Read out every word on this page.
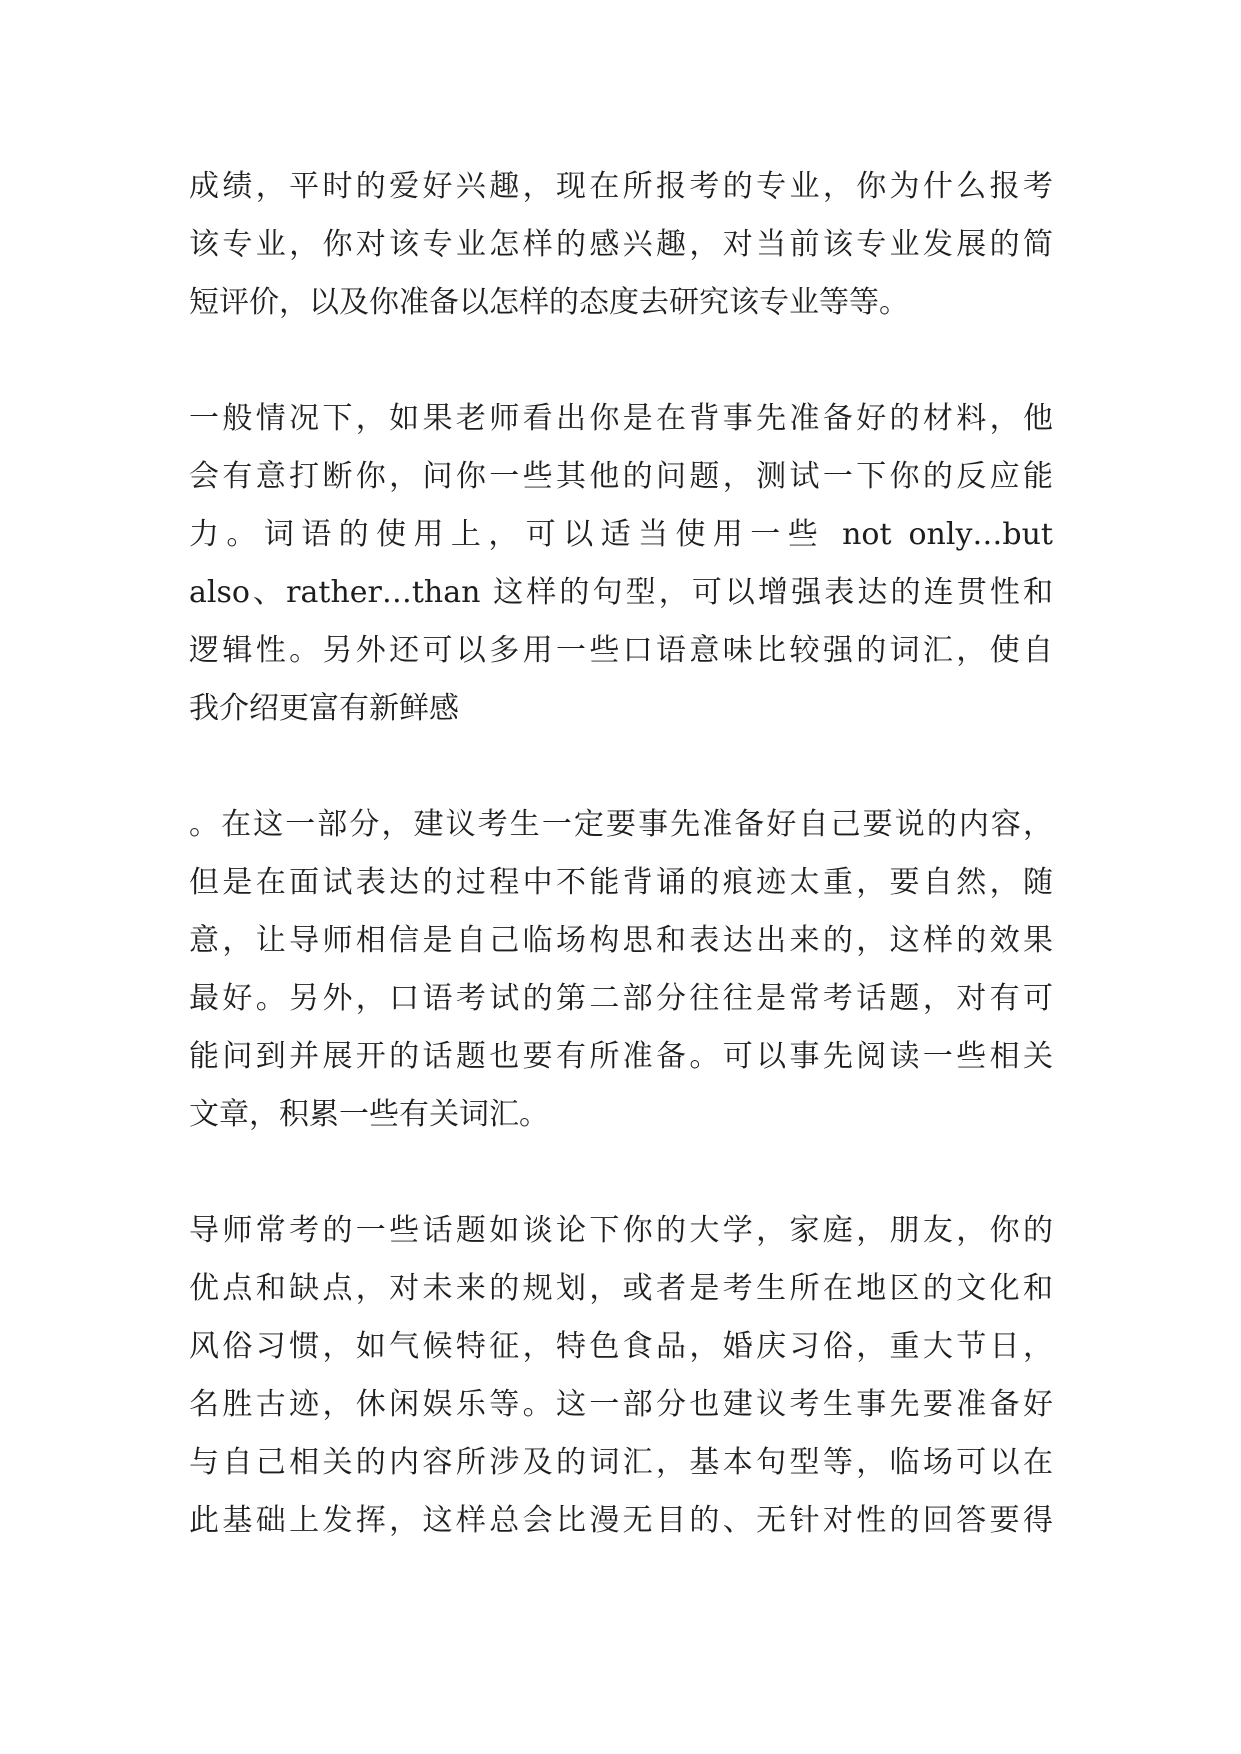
成绩，平时的爱好兴趣，现在所报考的专业，你为什么报考
该专业，你对该专业怎样的感兴趣，对当前该专业发展的简
短评价，以及你准备以怎样的态度去研究该专业等等。
一般情况下，如果老师看出你是在背事先准备好的材料，他
会有意打断你，问你一些其他的问题，测试一下你的反应能
力。词语的使用上，可以适当使用一些 not only…but
also、rather…than 这样的句型，可以增强表达的连贯性和
逻辑性。另外还可以多用一些口语意味比较强的词汇，使自
我介绍更富有新鲜感
。在这一部分，建议考生一定要事先准备好自己要说的内容，
但是在面试表达的过程中不能背诵的痕迹太重，要自然，随
意，让导师相信是自己临场构思和表达出来的，这样的效果
最好。另外，口语考试的第二部分往往是常考话题，对有可
能问到并展开的话题也要有所准备。可以事先阅读一些相关
文章，积累一些有关词汇。
导师常考的一些话题如谈论下你的大学，家庭，朋友，你的
优点和缺点，对未来的规划，或者是考生所在地区的文化和
风俗习惯，如气候特征，特色食品，婚庆习俗，重大节日，
名胜古迹，休闲娱乐等。这一部分也建议考生事先要准备好
与自己相关的内容所涉及的词汇，基本句型等，临场可以在
此基础上发挥，这样总会比漫无目的、无针对性的回答要得
